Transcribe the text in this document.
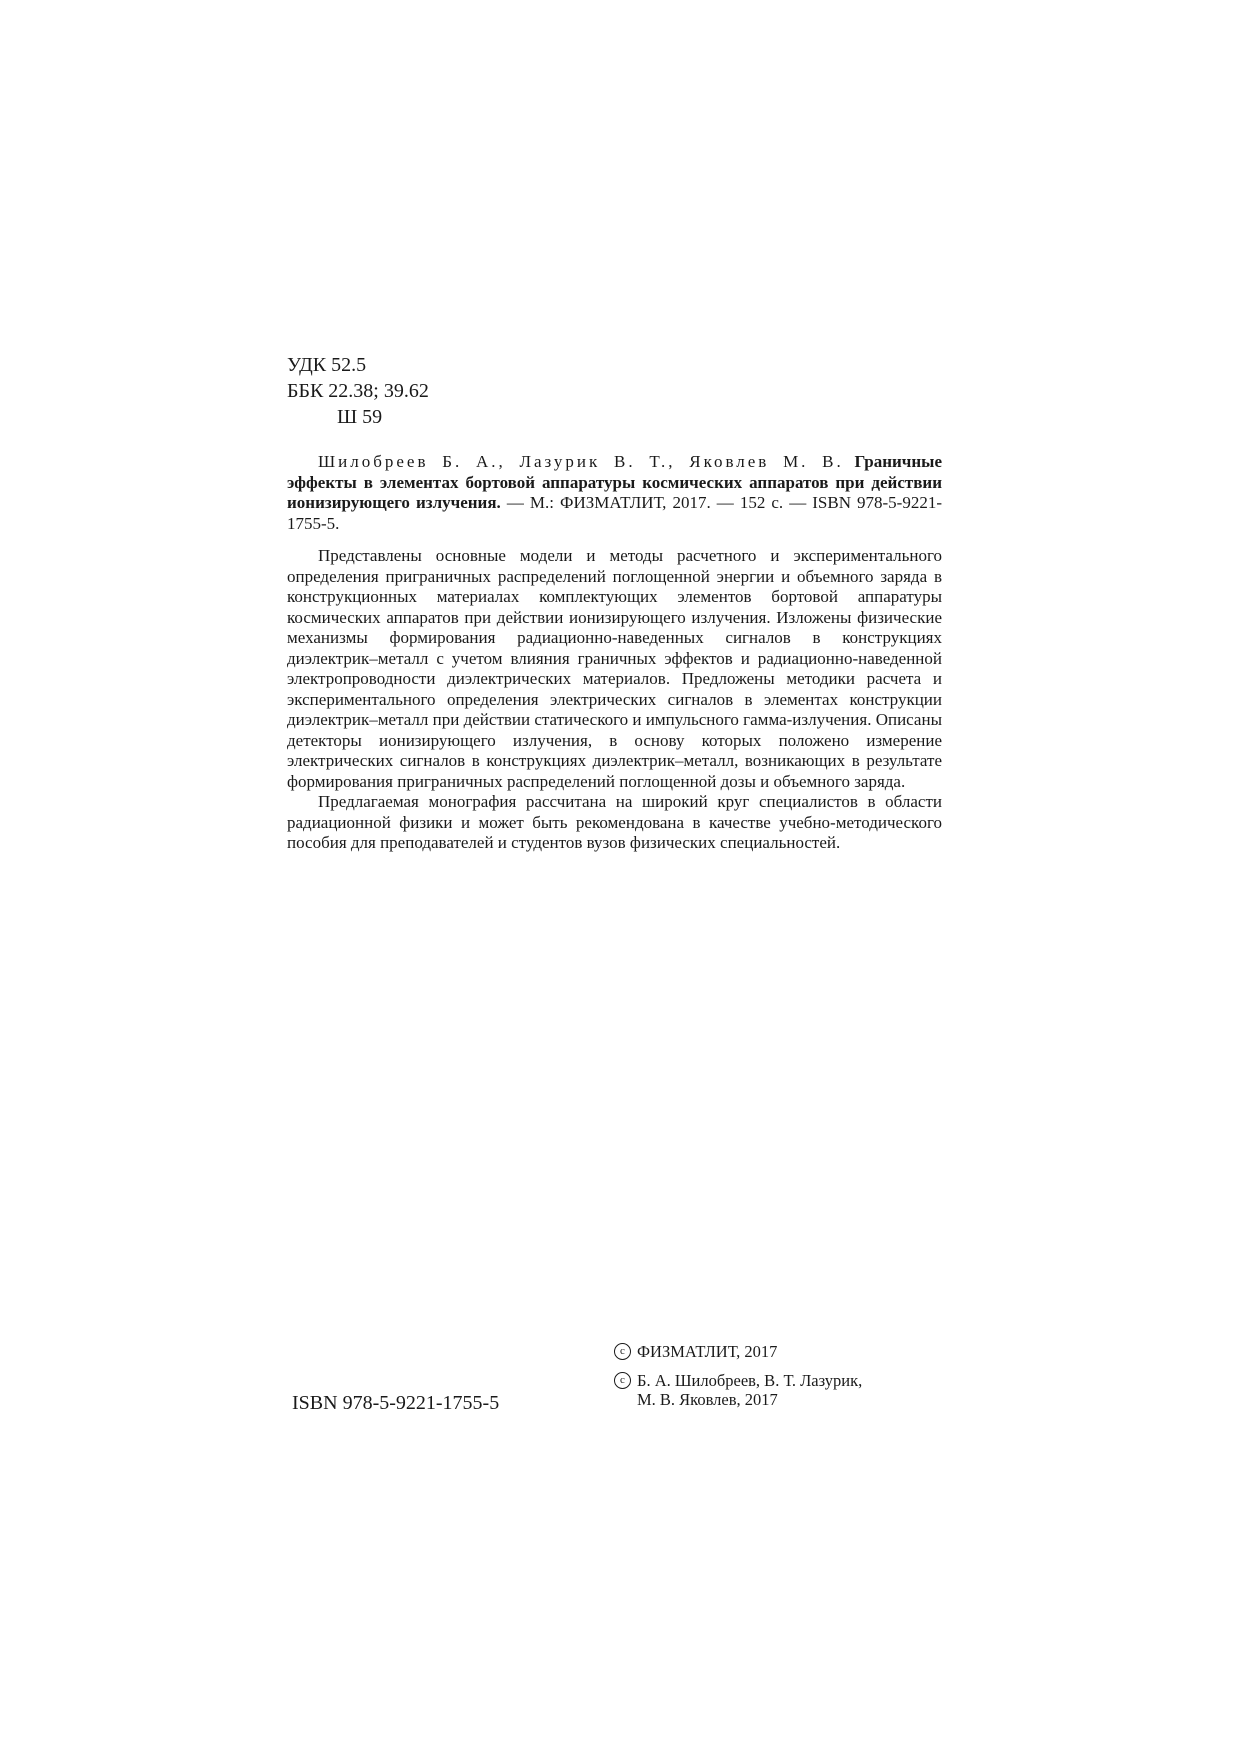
УДК 52.5
ББК 22.38; 39.62
Ш 59

Шилобреев Б. А., Лазурик В. Т., Яковлев М. В. Граничные эффекты в элементах бортовой аппаратуры космических аппаратов при действии ионизирующего излучения. — М.: ФИЗМАТЛИТ, 2017. — 152 с. — ISBN 978-5-9221-1755-5.

Представлены основные модели и методы расчетного и экспериментального определения приграничных распределений поглощенной энергии и объемного заряда в конструкционных материалах комплектующих элементов бортовой аппаратуры космических аппаратов при действии ионизирующего излучения. Изложены физические механизмы формирования радиационно-наведенных сигналов в конструкциях диэлектрик–металл с учетом влияния граничных эффектов и радиационно-наведенной электропроводности диэлектрических материалов. Предложены методики расчета и экспериментального определения электрических сигналов в элементах конструкции диэлектрик–металл при действии статического и импульсного гамма-излучения. Описаны детекторы ионизирующего излучения, в основу которых положено измерение электрических сигналов в конструкциях диэлектрик–металл, возникающих в результате формирования приграничных распределений поглощенной дозы и объемного заряда.

Предлагаемая монография рассчитана на широкий круг специалистов в области радиационной физики и может быть рекомендована в качестве учебно-методического пособия для преподавателей и студентов вузов физических специальностей.

ISBN 978-5-9221-1755-5
c ФИЗМАТЛИТ, 2017
c Б. А. Шилобреев, В. Т. Лазурик,
М. В. Яковлев, 2017
